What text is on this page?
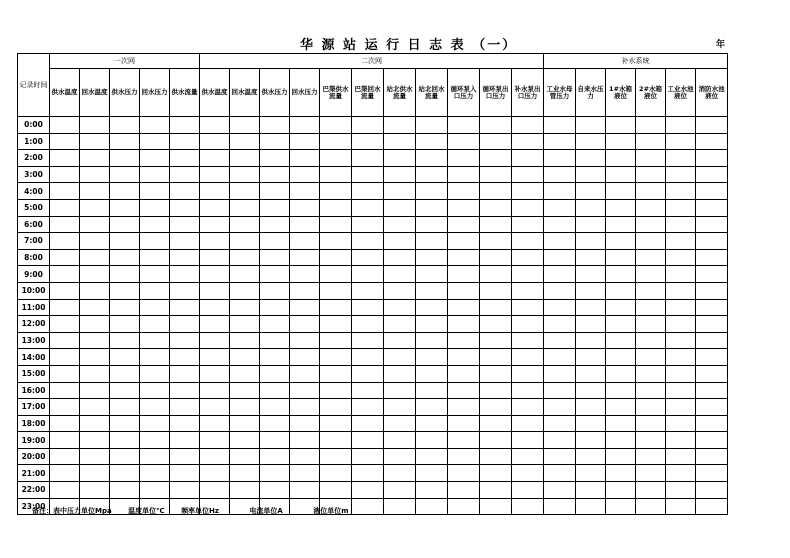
华 源 站 运 行 日 志 表 （一）	年
记录时间	一次网					二次网											补水系统					
	供水温度	回水温度	供水压力	回水压力	供水流量	供水温度	回水温度	供水压力	回水压力	巴渠供水流量	巴渠回水流量	站北供水流量	站北回水流量	循环泵入口压力	循环泵出口压力	补水泵出口压力	工业水母管压力	自来水压力	1#水箱液位	2#水箱液位	工业水池液位	消防水池液位
0:00																						
1:00																						
2:00																						
3:00																						
4:00																						
5:00																						
6:00																						
7:00																						
8:00																						
9:00																						
10:00																						
11:00																						
12:00																						
13:00																						
14:00																						
15:00																						
16:00																						
17:00																						
18:00																						
19:00																						
20:00																						
21:00																						
22:00																						
23:00																						
备注：表中压力单位Mpa 温度单位℃ 频率单位Hz	电流单位A	液位单位m
